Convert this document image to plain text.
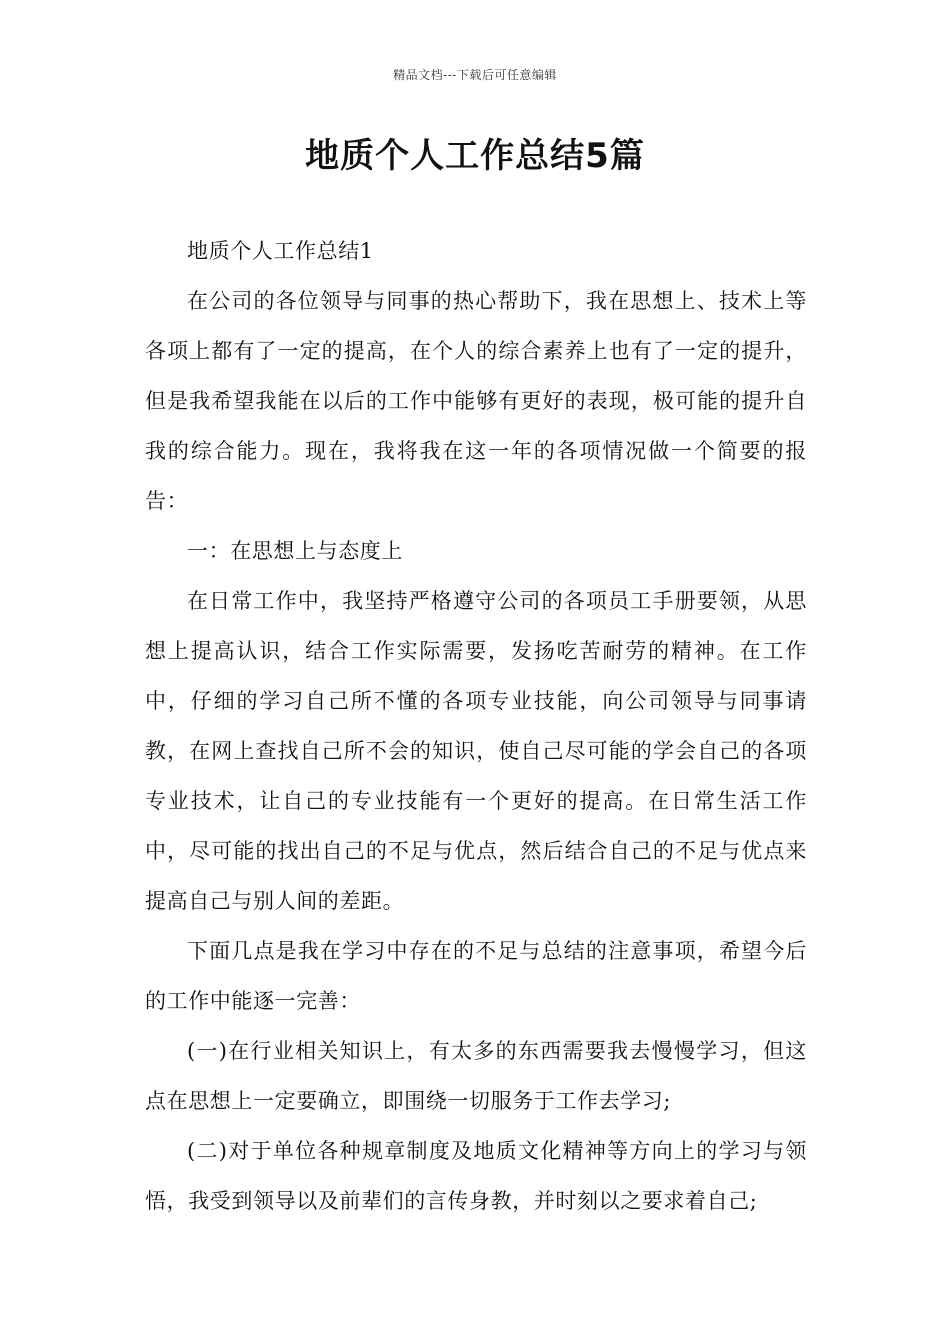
精品文档---下载后可任意编辑
地质个人工作总结5篇

地质个人工作总结1

在公司的各位领导与同事的热心帮助下，我在思想上、技术上等各项上都有了一定的提高，在个人的综合素养上也有了一定的提升，但是我希望我能在以后的工作中能够有更好的表现，极可能的提升自我的综合能力。现在，我将我在这一年的各项情况做一个简要的报告：

一：在思想上与态度上

在日常工作中，我坚持严格遵守公司的各项员工手册要领，从思想上提高认识，结合工作实际需要，发扬吃苦耐劳的精神。在工作中，仔细的学习自己所不懂的各项专业技能，向公司领导与同事请教，在网上查找自己所不会的知识，使自己尽可能的学会自己的各项专业技术，让自己的专业技能有一个更好的提高。在日常生活工作中，尽可能的找出自己的不足与优点，然后结合自己的不足与优点来提高自己与别人间的差距。

下面几点是我在学习中存在的不足与总结的注意事项，希望今后的工作中能逐一完善：

(一)在行业相关知识上，有太多的东西需要我去慢慢学习，但这点在思想上一定要确立，即围绕一切服务于工作去学习;

(二)对于单位各种规章制度及地质文化精神等方向上的学习与领悟，我受到领导以及前辈们的言传身教，并时刻以之要求着自己;
